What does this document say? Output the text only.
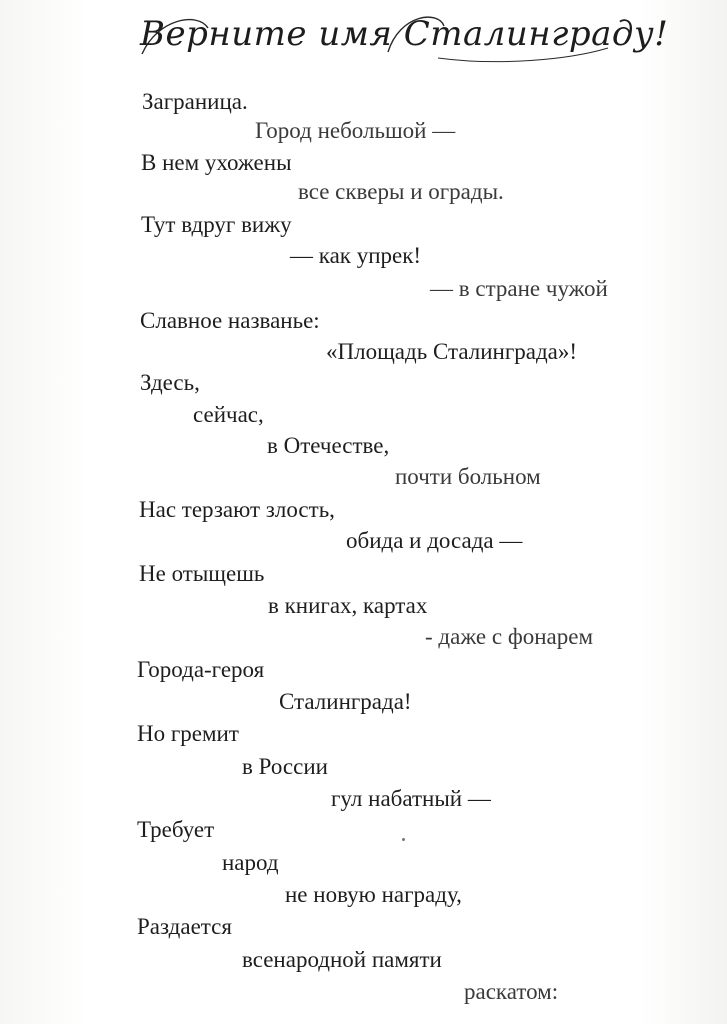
Верните имя Сталинграду!
Заграница.
Город небольшой —
В нем ухожены
все скверы и ограды.
Тут вдруг вижу
— как упрек!
— в стране чужой
Славное названье:
«Площадь Сталинграда»!
Здесь,
сейчас,
в Отечестве,
почти больном
Нас терзают злость,
обида и досада —
Не отыщешь
в книгах, картах
- даже с фонарем
Города-героя
Сталинграда!
Но гремит
в России
гул набатный —
Требует
народ
не новую награду,
Раздается
всенародной памяти
раскатом:
